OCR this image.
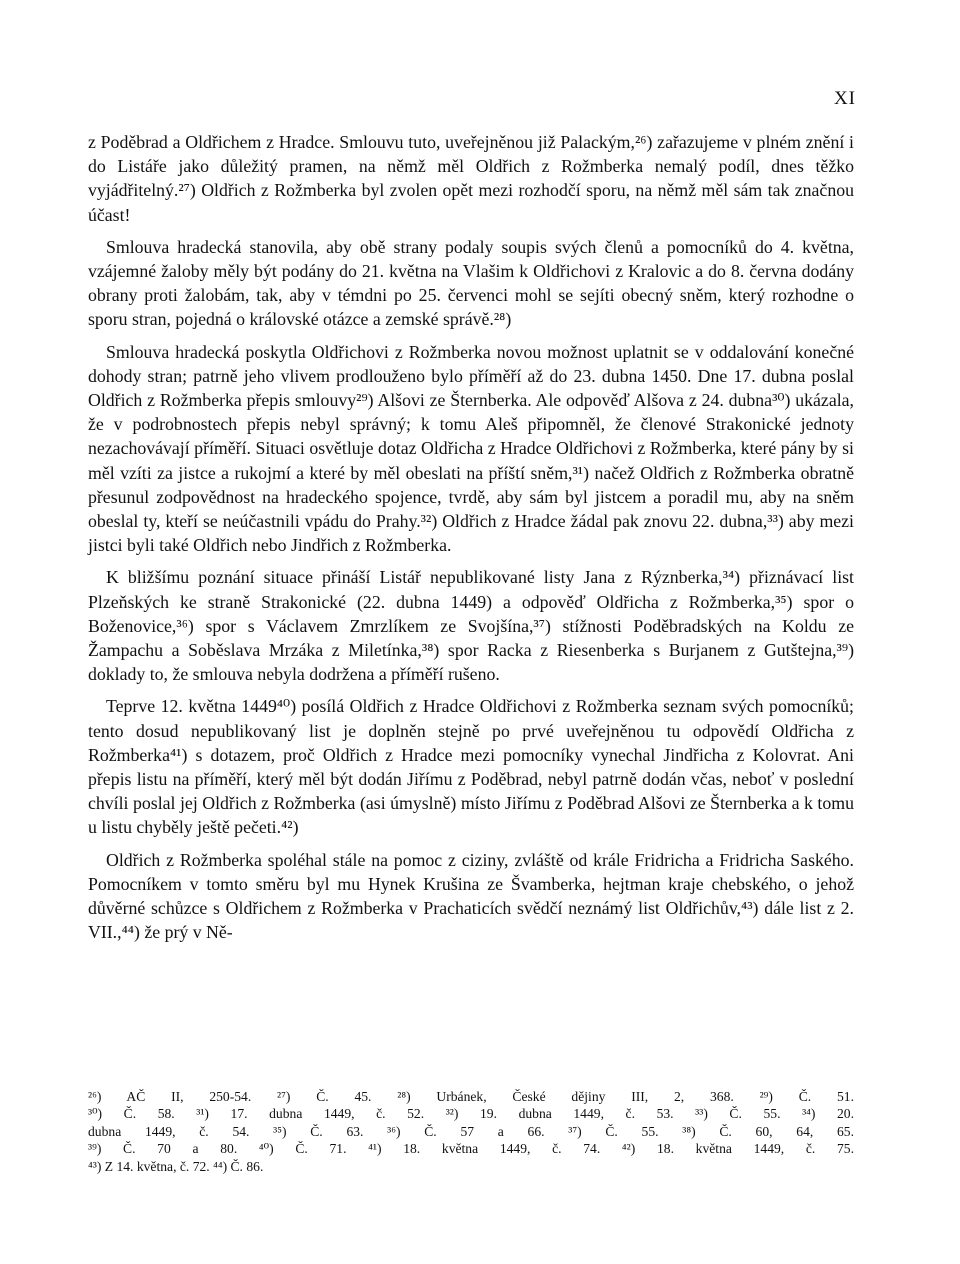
XI

z Poděbrad a Oldřichem z Hradce. Smlouvu tuto, uveřejněnou již Palackým,²⁶) zařazujeme v plném znění i do Listáře jako důležitý pramen, na němž měl Oldřich z Rožmberka nemalý podíl, dnes těžko vyjádřitelný.²⁷) Oldřich z Rožmberka byl zvolen opět mezi rozhodčí sporu, na němž měl sám tak značnou účast!

Smlouva hradecká stanovila, aby obě strany podaly soupis svých členů a pomocníků do 4. května, vzájemné žaloby měly být podány do 21. května na Vlašim k Oldřichovi z Kralovic a do 8. června dodány obrany proti žalobám, tak, aby v témdni po 25. červenci mohl se sejíti obecný sněm, který rozhodne o sporu stran, pojedná o královské otázce a zemské správě.²⁸)

Smlouva hradecká poskytla Oldřichovi z Rožmberka novou možnost uplatnit se v oddalování konečné dohody stran; patrně jeho vlivem prodlouženo bylo příměří až do 23. dubna 1450. Dne 17. dubna poslal Oldřich z Rožmberka přepis smlouvy²⁹) Alšovi ze Šternberka. Ale odpověď Alšova z 24. dubna³⁰) ukázala, že v podrobnostech přepis nebyl správný; k tomu Aleš připomněl, že členové Strakonické jednoty nezachovávají příměří. Situaci osvětluje dotaz Oldřicha z Hradce Oldřichovi z Rožmberka, které pány by si měl vzíti za jistce a rukojmí a které by měl obeslati na příští sněm,³¹) načež Oldřich z Rožmberka obratně přesunul zodpovědnost na hradeckého spojence, tvrdě, aby sám byl jistcem a poradil mu, aby na sněm obeslal ty, kteří se neúčastnili vpádu do Prahy.³²) Oldřich z Hradce žádal pak znovu 22. dubna,³³) aby mezi jistci byli také Oldřich nebo Jindřich z Rožmberka.

K bližšímu poznání situace přináší Listář nepublikované listy Jana z Rýznberka,³⁴) přiznávací list Plzeňských ke straně Strakonické (22. dubna 1449) a odpověď Oldřicha z Rožmberka,³⁵) spor o Boženovice,³⁶) spor s Václavem Zmrzlíkem ze Svojšína,³⁷) stížnosti Poděbradských na Koldu ze Žampachu a Soběslava Mrzáka z Miletínka,³⁸) spor Racka z Riesenberka s Burjanem z Gutštejna,³⁹) doklady to, že smlouva nebyla dodržena a příměří rušeno.

Teprve 12. května 1449⁴⁰) posílá Oldřich z Hradce Oldřichovi z Rožmberka seznam svých pomocníků; tento dosud nepublikovaný list je doplněn stejně po prvé uveřejněnou tu odpovědí Oldřicha z Rožmberka⁴¹) s dotazem, proč Oldřich z Hradce mezi pomocníky vynechal Jindřicha z Kolovrat. Ani přepis listu na příměří, který měl být dodán Jiřímu z Poděbrad, nebyl patrně dodán včas, neboť v poslední chvíli poslal jej Oldřich z Rožmberka (asi úmyslně) místo Jiřímu z Poděbrad Alšovi ze Šternberka a k tomu u listu chyběly ještě pečeti.⁴²)

Oldřich z Rožmberka spoléhal stále na pomoc z ciziny, zvláště od krále Fridricha a Fridricha Saského. Pomocníkem v tomto směru byl mu Hynek Krušina ze Švamberka, hejtman kraje chebského, o jehož důvěrné schůzce s Oldřichem z Rožmberka v Prachaticích svědčí neznámý list Oldřichův,⁴³) dále list z 2. VII.,⁴⁴) že prý v Ně-

²⁶) AČ II, 250-54. ²⁷) Č. 45. ²⁸) Urbánek, České dějiny III, 2, 368. ²⁹) Č. 51.
³⁰) Č. 58. ³¹) 17. dubna 1449, č. 52. ³²) 19. dubna 1449, č. 53. ³³) Č. 55. ³⁴) 20.
dubna 1449, č. 54. ³⁵) Č. 63. ³⁶) Č. 57 a 66. ³⁷) Č. 55. ³⁸) Č. 60, 64, 65.
³⁹) Č. 70 a 80. ⁴⁰) Č. 71. ⁴¹) 18. května 1449, č. 74. ⁴²) 18. května 1449, č. 75.
⁴³) Z 14. května, č. 72. ⁴⁴) Č. 86.
